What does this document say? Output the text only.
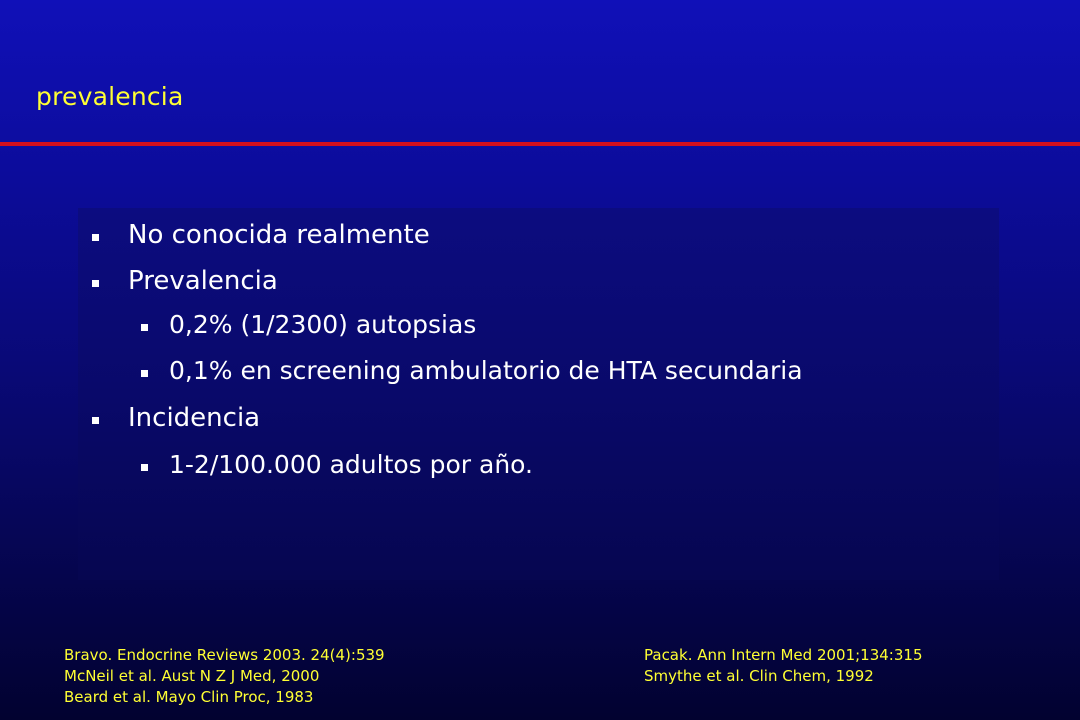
prevalencia
No conocida realmente
Prevalencia
0,2% (1/2300) autopsias
0,1% en screening ambulatorio de HTA secundaria
Incidencia
1-2/100.000 adultos por año.
Bravo. Endocrine Reviews 2003. 24(4):539
McNeil et al. Aust N Z J Med, 2000
Beard et al. Mayo Clin Proc, 1983
Pacak. Ann Intern Med 2001;134:315
Smythe et al. Clin Chem, 1992
